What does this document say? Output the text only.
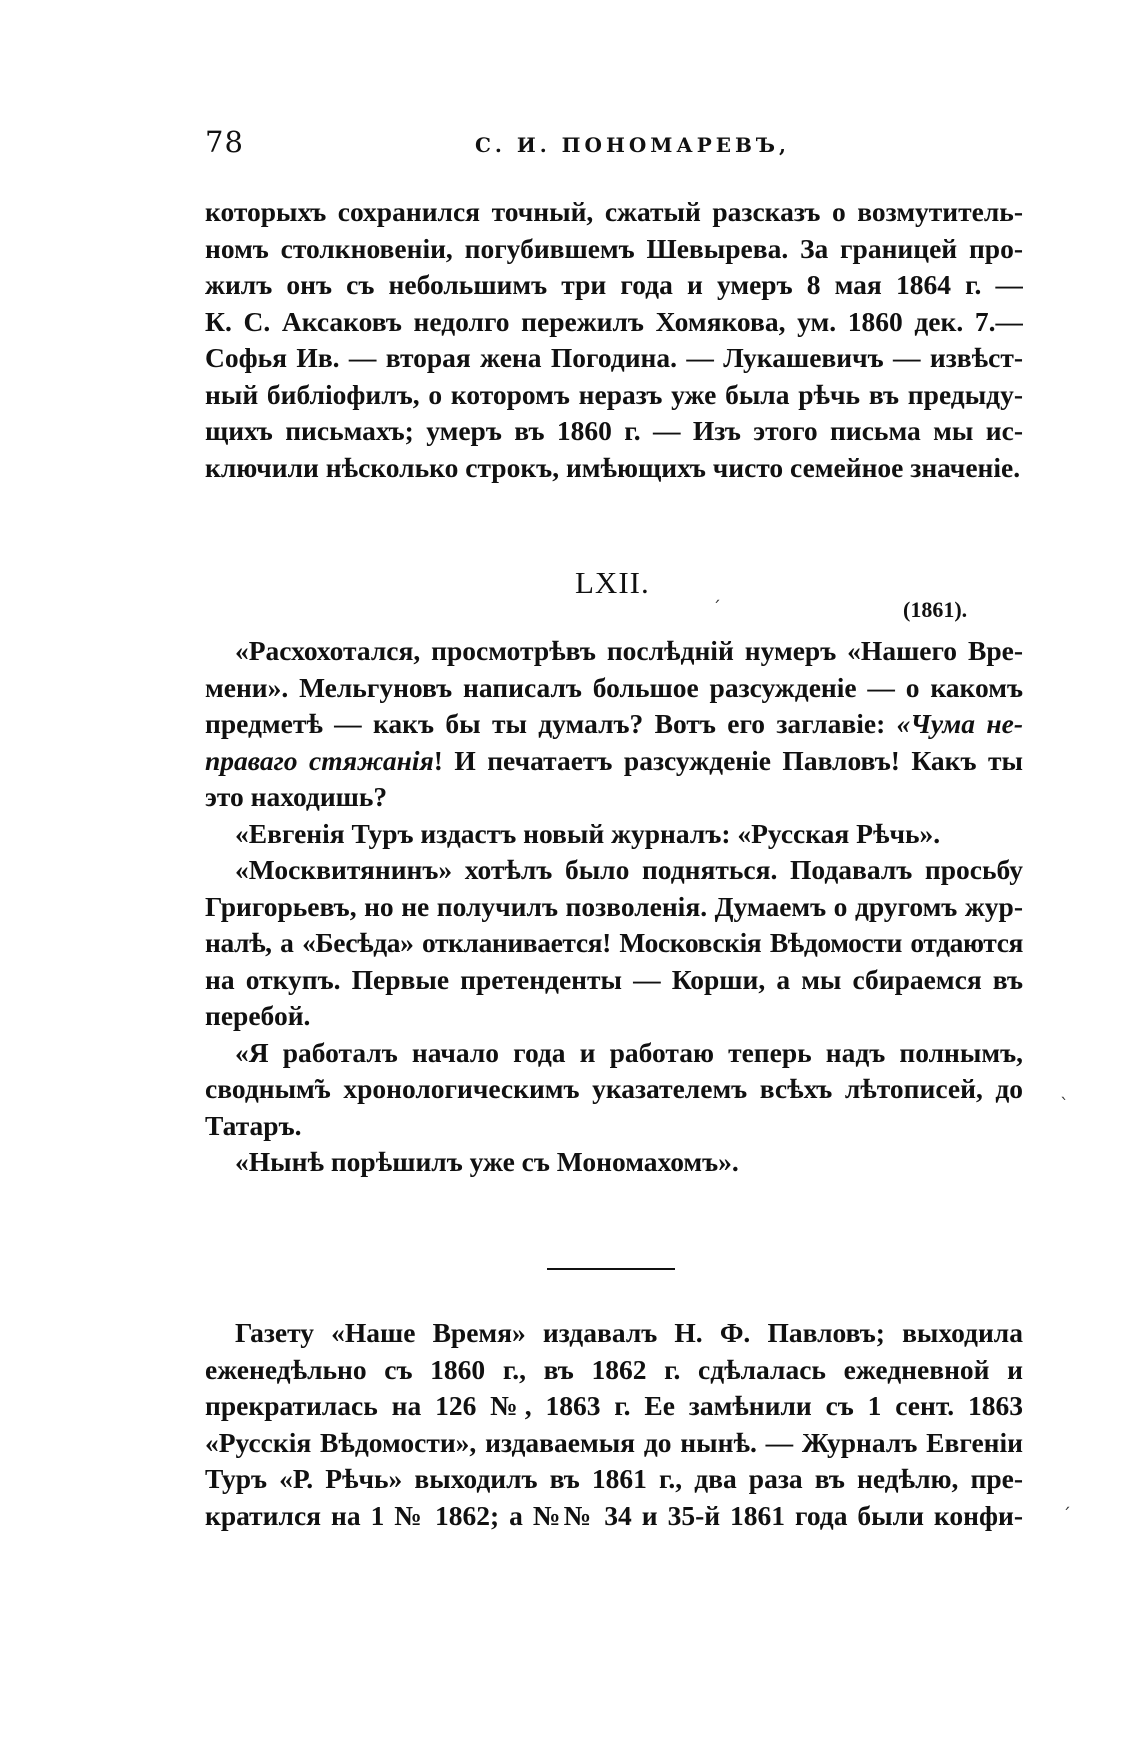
78	С. И. ПОНОМАРЕВЪ,
которыхъ сохранился точный, сжатый разсказъ о возмутитель-
номъ столкновеніи, погубившемъ Шевырева. За границей про-
жилъ онъ съ небольшимъ три года и умеръ 8 мая 1864 г. —
К. С. Аксаковъ недолго пережилъ Хомякова, ум. 1860 дек. 7.—
Софья Ив. — вторая жена Погодина. — Лукашевичъ — извѣст-
ный библіофилъ, о которомъ неразъ уже была рѣчь въ предыду-
щихъ письмахъ; умеръ въ 1860 г. — Изъ этого письма мы ис-
ключили нѣсколько строкъ, имѣющихъ чисто семейное значеніе.
LXII.
(1861).
«Расхохотался, просмотрѣвъ послѣдній нумеръ «Нашего Вре-
мени». Мельгуновъ написалъ большое разсужденіе — о какомъ
предметѣ — какъ бы ты думалъ? Вотъ его заглавіе: «Чума не-
праваго стяжанія! И печатаетъ разсужденіе Павловъ! Какъ ты
это находишь?
«Евгенія Туръ издастъ новый журналъ: «Русская Рѣчь».
«Москвитянинъ» хотѣлъ было подняться. Подавалъ просьбу
Григорьевъ, но не получилъ позволенія. Думаемъ о другомъ жур-
налѣ, а «Бесѣда» откланивается! Московскія Вѣдомости отдаются
на откупъ. Первые претенденты — Корши, а мы сбираемся въ
перебой.
«Я работалъ начало года и работаю теперь надъ полнымъ,
сводным̃ъ хронологическимъ указателемъ всѣхъ лѣтописей, до
Татаръ.
«Нынѣ порѣшилъ уже съ Мономахомъ».
Газету «Наше Время» издавалъ Н. Ф. Павловъ; выходила
еженедѣльно съ 1860 г., въ 1862 г. сдѣлалась ежедневной и
прекратилась на 126 №, 1863 г. Ее замѣнили съ 1 сент. 1863
«Русскія Вѣдомости», издаваемыя до нынѣ. — Журналъ Евгеніи
Туръ «Р. Рѣчь» выходилъ въ 1861 г., два раза въ недѣлю, пре-
кратился на 1 № 1862; а №№ 34 и 35-й 1861 года были конфи-
ˊ
ˋ
ˊ
